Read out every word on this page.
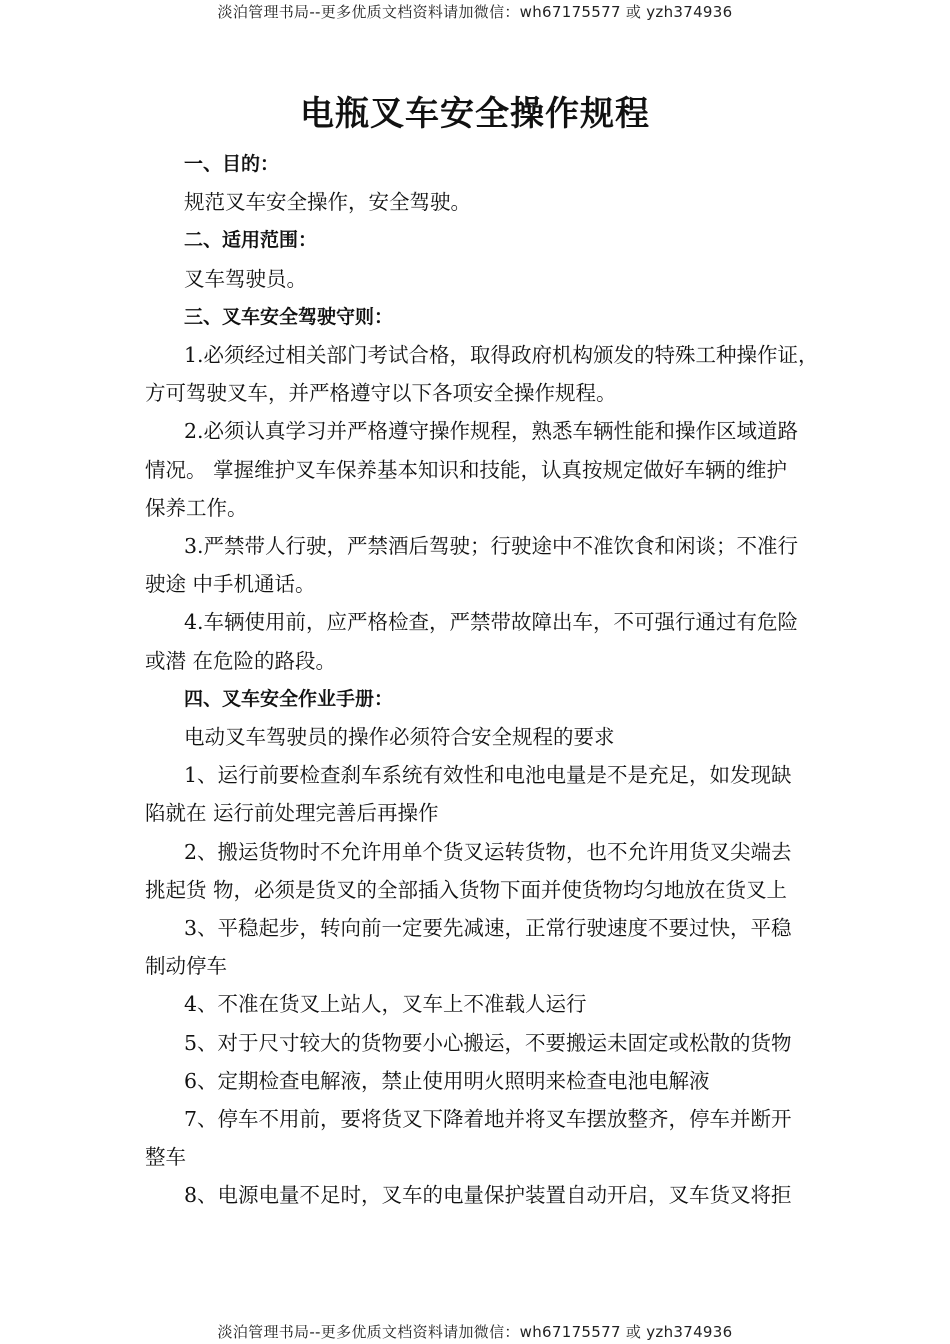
淡泊管理书局--更多优质文档资料请加微信：wh67175577 或 yzh374936
电瓶叉车安全操作规程

一、目的：

规范叉车安全操作，安全驾驶。

二、适用范围：

叉车驾驶员。

三、叉车安全驾驶守则：

1.必须经过相关部门考试合格，取得政府机构颁发的特殊工种操作证，

方可驾驶叉车，并严格遵守以下各项安全操作规程。

2.必须认真学习并严格遵守操作规程，熟悉车辆性能和操作区域道路

情况。 掌握维护叉车保养基本知识和技能，认真按规定做好车辆的维护

保养工作。

3.严禁带人行驶，严禁酒后驾驶；行驶途中不准饮食和闲谈；不准行

驶途 中手机通话。

4.车辆使用前，应严格检查，严禁带故障出车，不可强行通过有危险

或潜 在危险的路段。

四、叉车安全作业手册：

电动叉车驾驶员的操作必须符合安全规程的要求

1、运行前要检查刹车系统有效性和电池电量是不是充足，如发现缺

陷就在 运行前处理完善后再操作

2、搬运货物时不允许用单个货叉运转货物，也不允许用货叉尖端去

挑起货 物，必须是货叉的全部插入货物下面并使货物均匀地放在货叉上

3、平稳起步，转向前一定要先减速，正常行驶速度不要过快，平稳

制动停车

4、不准在货叉上站人，叉车上不准载人运行

5、对于尺寸较大的货物要小心搬运，不要搬运未固定或松散的货物

6、定期检查电解液，禁止使用明火照明来检查电池电解液

7、停车不用前，要将货叉下降着地并将叉车摆放整齐，停车并断开

整车

8、电源电量不足时，叉车的电量保护装置自动开启，叉车货叉将拒

淡泊管理书局--更多优质文档资料请加微信：wh67175577 或 yzh374936
